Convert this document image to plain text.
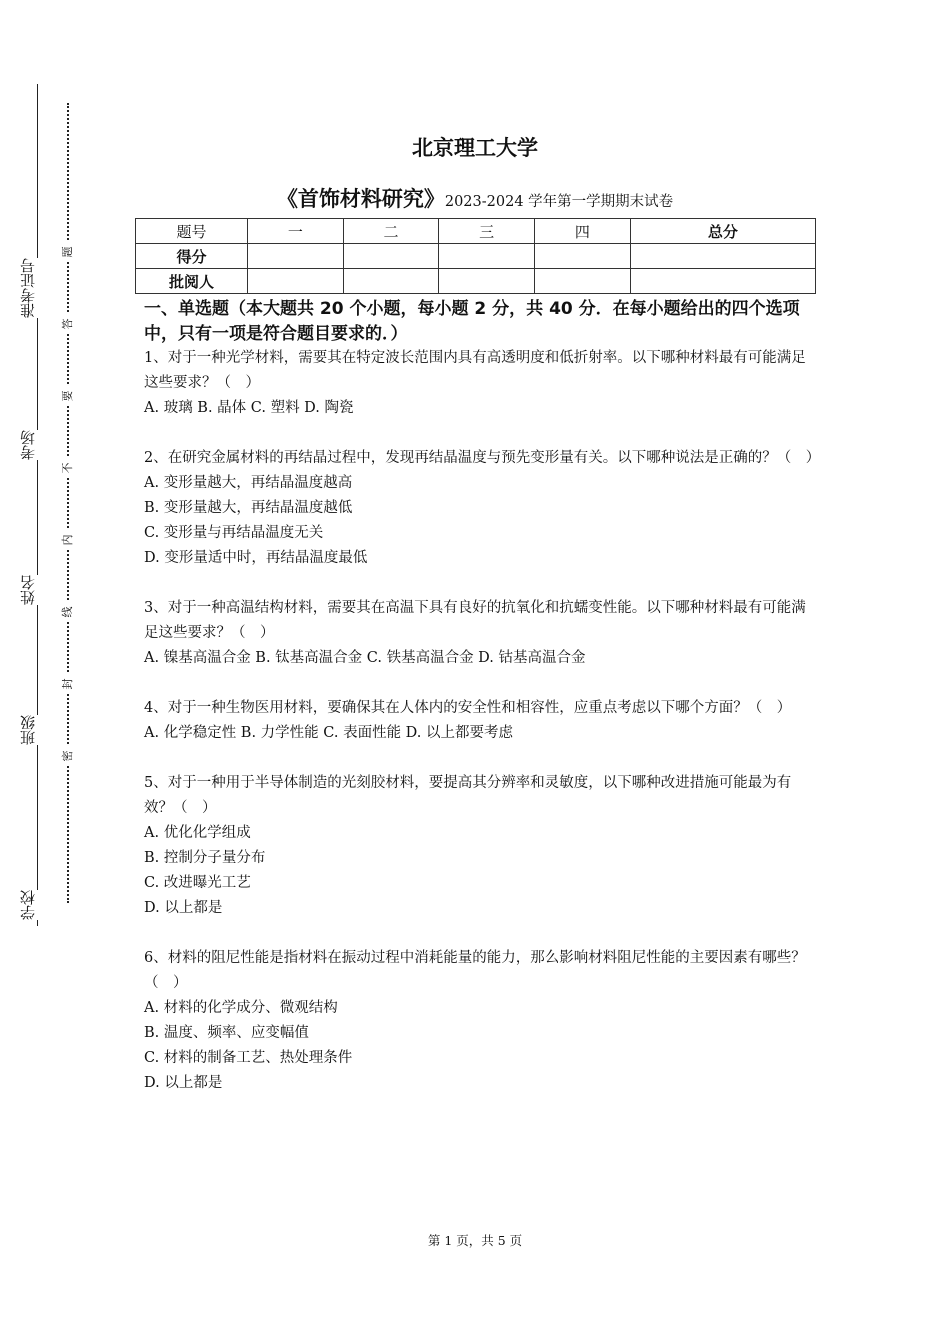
准考证号
考场
姓名
班级
学校
题
答
要
不
内
线
封
密
北京理工大学
《首饰材料研究》2023-2024 学年第一学期期末试卷
题号	一	二	三	四	总分
得分					
批阅人					
一、单选题（本大题共 20 个小题，每小题 2 分，共 40 分．在每小题给出的四个选项中，只有一项是符合题目要求的．）

1、对于一种光学材料，需要其在特定波长范围内具有高透明度和低折射率。以下哪种材料最有可能满足这些要求？（　）

A. 玻璃 B. 晶体 C. 塑料 D. 陶瓷

2、在研究金属材料的再结晶过程中，发现再结晶温度与预先变形量有关。以下哪种说法是正确的？（　）

A. 变形量越大，再结晶温度越高

B. 变形量越大，再结晶温度越低

C. 变形量与再结晶温度无关

D. 变形量适中时，再结晶温度最低

3、对于一种高温结构材料，需要其在高温下具有良好的抗氧化和抗蠕变性能。以下哪种材料最有可能满足这些要求？（　）

A. 镍基高温合金 B. 钛基高温合金 C. 铁基高温合金 D. 钴基高温合金

4、对于一种生物医用材料，要确保其在人体内的安全性和相容性，应重点考虑以下哪个方面？（　）

A. 化学稳定性 B. 力学性能 C. 表面性能 D. 以上都要考虑

5、对于一种用于半导体制造的光刻胶材料，要提高其分辨率和灵敏度，以下哪种改进措施可能最为有效？（　）

A. 优化化学组成

B. 控制分子量分布

C. 改进曝光工艺

D. 以上都是

6、材料的阻尼性能是指材料在振动过程中消耗能量的能力，那么影响材料阻尼性能的主要因素有哪些？（　）

A. 材料的化学成分、微观结构

B. 温度、频率、应变幅值

C. 材料的制备工艺、热处理条件

D. 以上都是

第 1 页，共 5 页
